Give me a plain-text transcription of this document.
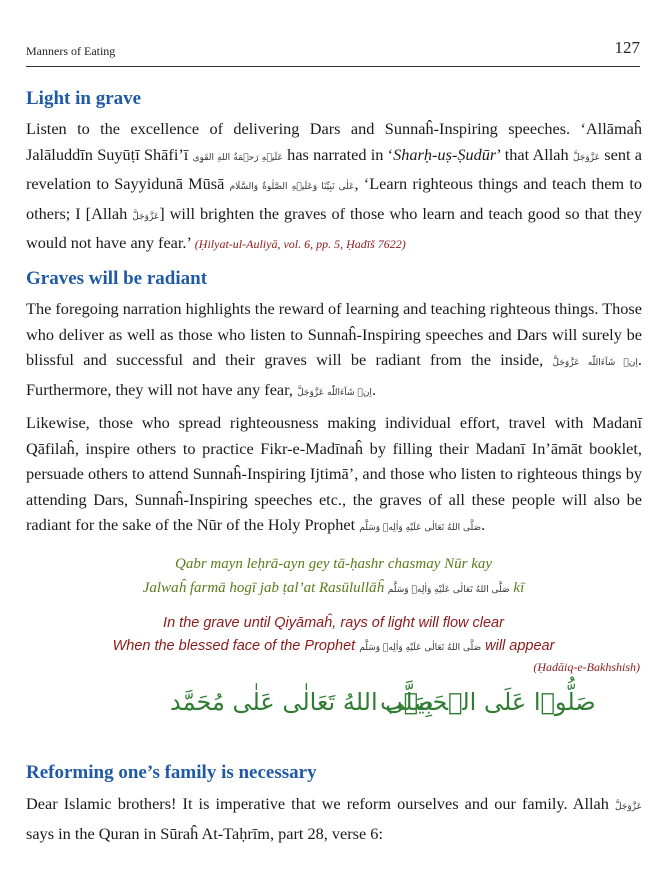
Manners of Eating	127
Light in grave

Listen to the excellence of delivering Dars and Sunnaĥ-Inspiring speeches. ‘Allāmaĥ Jalāluddīn Suyūṭī Shāfi’ī عَلَيۡهِ رَحۡمَةُ اللهِ القَوِی has narrated in ‘Sharḥ-uṣ-Ṣudūr’ that Allah عَزَّوَجَلَّ sent a revelation to Sayyidunā Mūsā عَلٰی نَبِیِّنَا وَعَلَیۡهِ الصَّلٰوةُ وَالسَّلَام, ‘Learn righteous things and teach them to others; I [Allah عَزَّوَجَلَّ] will brighten the graves of those who learn and teach good so that they would not have any fear.’ (Ḥilyat-ul-Auliyā, vol. 6, pp. 5, Ḥadīš 7622)

Graves will be radiant

The foregoing narration highlights the reward of learning and teaching righteous things. Those who deliver as well as those who listen to Sunnaĥ-Inspiring speeches and Dars will surely be blissful and successful and their graves will be radiant from the inside, اِنۡ شَآءَاللّٰه عَزَّوَجَلَّ. Furthermore, they will not have any fear, اِنۡ شَآءَاللّٰه عَزَّوَجَلَّ.

Likewise, those who spread righteousness making individual effort, travel with Madanī Qāfilaĥ, inspire others to practice Fikr-e-Madīnaĥ by filling their Madanī In’āmāt booklet, persuade others to attend Sunnaĥ-Inspiring Ijtimā’, and those who listen to righteous things by attending Dars, Sunnaĥ-Inspiring speeches etc., the graves of all these people will also be radiant for the sake of the Nūr of the Holy Prophet صَلَّى اللهُ تَعَالٰى عَلَيْهِ وَاٰلِهٖ وَسَلَّم.

Qabr mayn leḥrā-ayn gey tā-ḥashr chasmay Nūr kay

Jalwaĥ farmā hogī jab ṭal’at Rasūlullāĥ صَلَّى اللهُ تَعَالٰى عَلَيْهِ وَاٰلِهٖ وَسَلَّم kī

In the grave until Qiyāmaĥ, rays of light will flow clear

When the blessed face of the Prophet صَلَّى اللهُ تَعَالٰى عَلَيْهِ وَاٰلِهٖ وَسَلَّم will appear

(Ḥadāiq-e-Bakhshish)

صَلُّوۡا عَلَى الۡحَبِيۡب

صَلَّى اللهُ تَعَالٰى عَلٰى مُحَمَّد

Reforming one’s family is necessary

Dear Islamic brothers! It is imperative that we reform ourselves and our family. Allah عَزَّوَجَلَّ says in the Quran in Sūraĥ At-Taḥrīm, part 28, verse 6:
